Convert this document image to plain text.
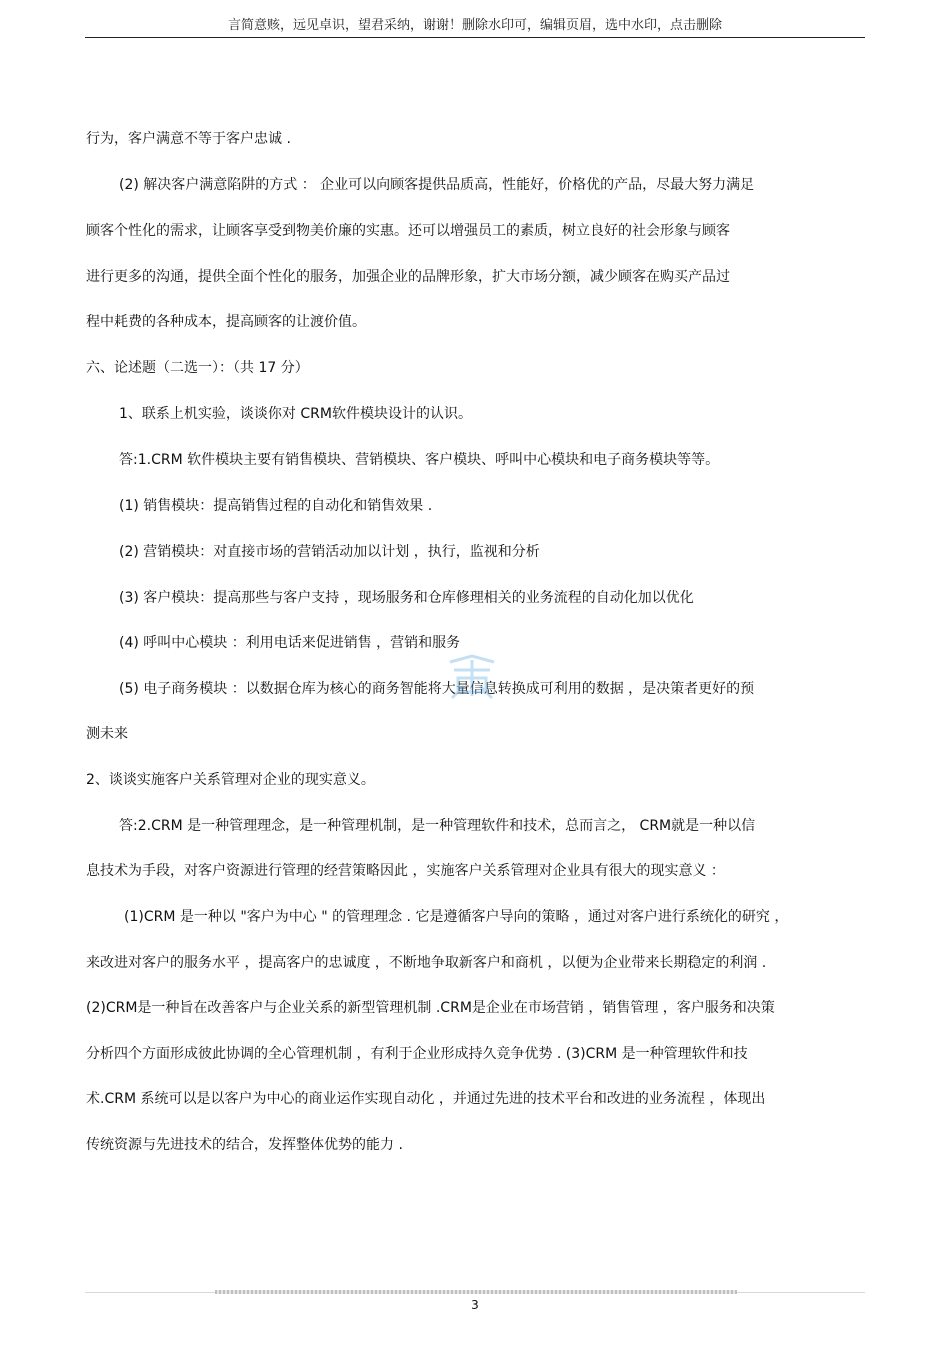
言简意赅，远见卓识，望君采纳，谢谢！删除水印可，编辑页眉，选中水印，点击删除
行为，客户满意不等于客户忠诚 .
(2) 解决客户满意陷阱的方式 ： 企业可以向顾客提供品质高，性能好，价格优的产品，尽最大努力满足
顾客个性化的需求，让顾客享受到物美价廉的实惠。还可以增强员工的素质，树立良好的社会形象与顾客
进行更多的沟通，提供全面个性化的服务，加强企业的品牌形象，扩大市场分额，减少顾客在购买产品过
程中耗费的各种成本，提高顾客的让渡价值。
六、论述题（二选一）：（共 17 分）
1、联系上机实验，谈谈你对 CRM软件模块设计的认识。
答:1.CRM 软件模块主要有销售模块、营销模块、客户模块、呼叫中心模块和电子商务模块等等。
(1) 销售模块：提高销售过程的自动化和销售效果 .
(2) 营销模块：对直接市场的营销活动加以计划 ，执行，监视和分析
(3) 客户模块：提高那些与客户支持 ，现场服务和仓库修理相关的业务流程的自动化加以优化
(4) 呼叫中心模块 ：利用电话来促进销售 ，营销和服务
(5) 电子商务模块 ：以数据仓库为核心的商务智能将大量信息转换成可利用的数据 ，是决策者更好的预
测未来
2、谈谈实施客户关系管理对企业的现实意义。
答:2.CRM 是一种管理理念，是一种管理机制，是一种管理软件和技术，总而言之， CRM就是一种以信
息技术为手段，对客户资源进行管理的经营策略因此 ，实施客户关系管理对企业具有很大的现实意义 ：
(1)CRM 是一种以 "客户为中心 " 的管理理念 . 它是遵循客户导向的策略 ，通过对客户进行系统化的研究 ，
来改进对客户的服务水平 ，提高客户的忠诚度 ，不断地争取新客户和商机 ，以便为企业带来长期稳定的利润 .
(2)CRM是一种旨在改善客户与企业关系的新型管理机制 .CRM是企业在市场营销 ，销售管理 ，客户服务和决策
分析四个方面形成彼此协调的全心管理机制 ，有利于企业形成持久竞争优势 . (3)CRM 是一种管理软件和技
术.CRM 系统可以是以客户为中心的商业运作实现自动化 ，并通过先进的技术平台和改进的业务流程 ，体现出
传统资源与先进技术的结合，发挥整体优势的能力 .
3
